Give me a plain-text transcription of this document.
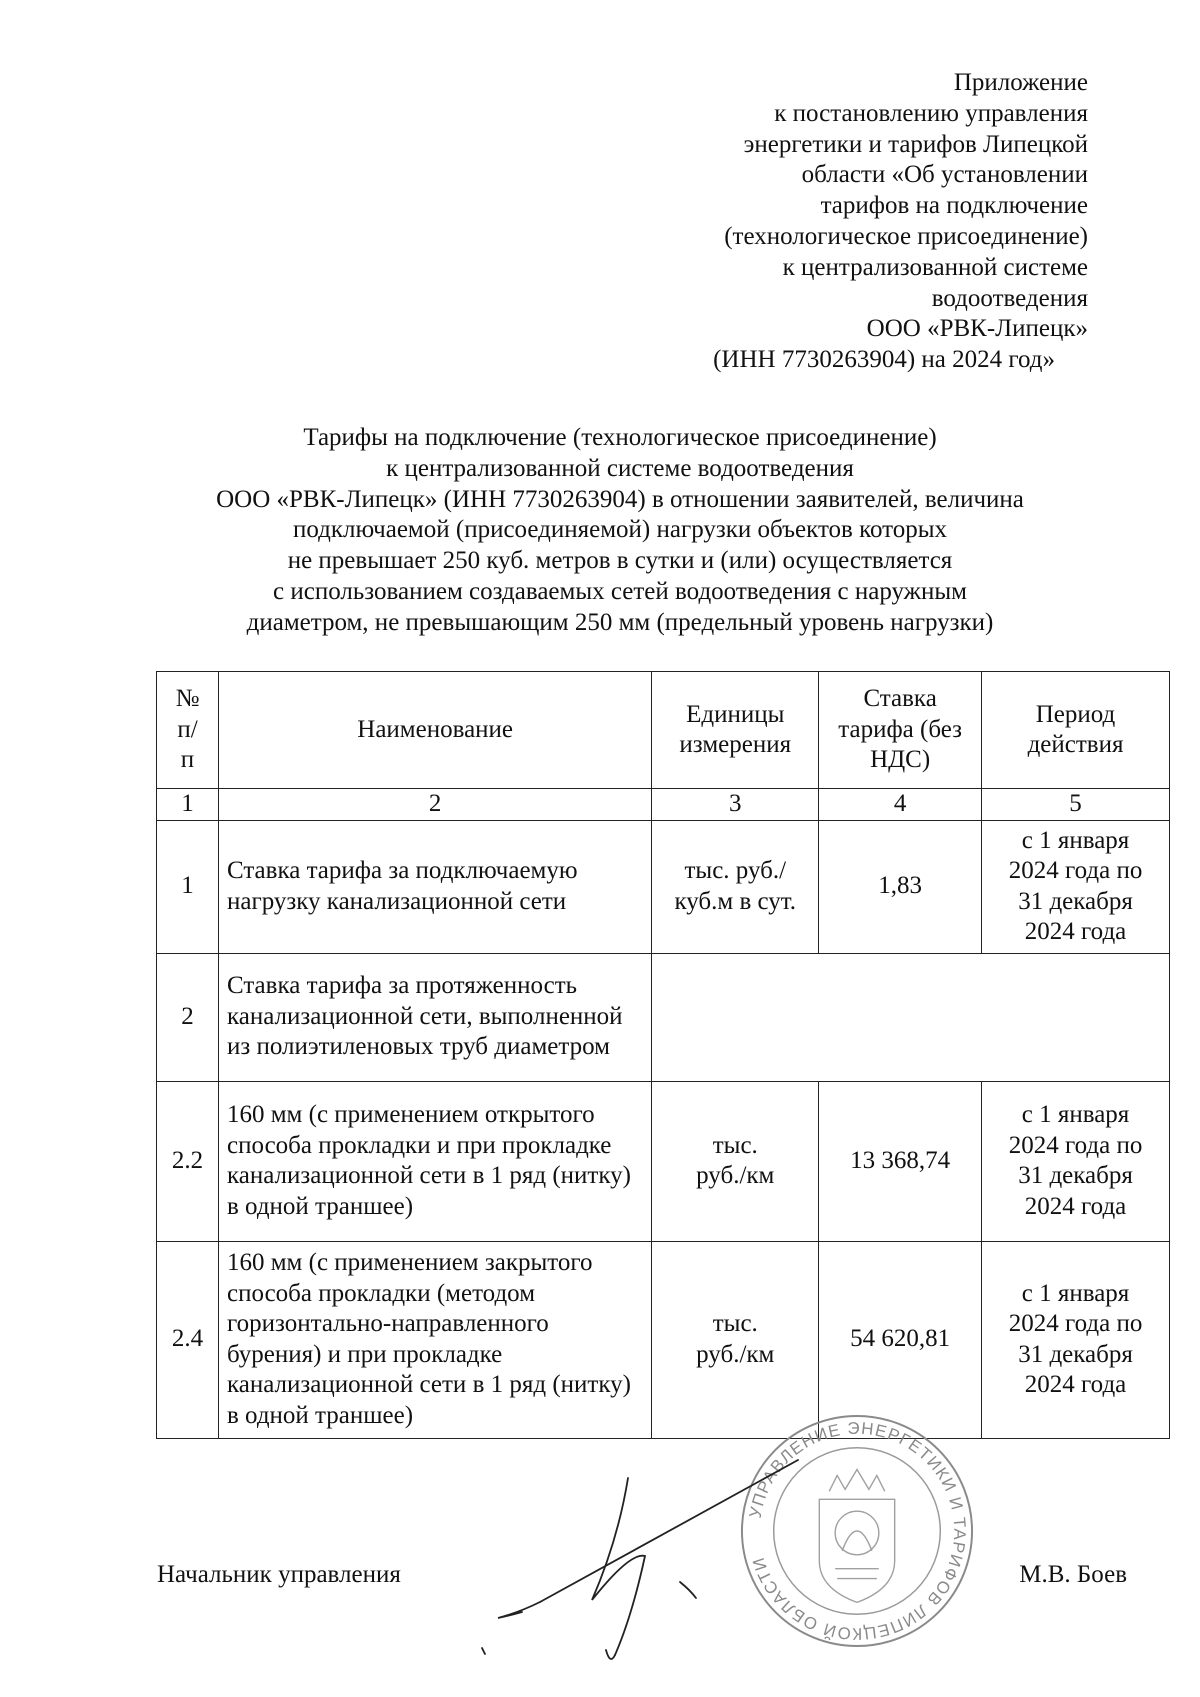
Приложение
к постановлению управления
энергетики и тарифов Липецкой
области «Об установлении
тарифов на подключение
(технологическое присоединение)
к централизованной системе
водоотведения
ООО «РВК-Липецк»
(ИНН 7730263904) на 2024 год»
Тарифы на подключение (технологическое присоединение)
к централизованной системе водоотведения
ООО «РВК-Липецк» (ИНН 7730263904) в отношении заявителей, величина
подключаемой (присоединяемой) нагрузки объектов которых
не превышает 250 куб. метров в сутки и (или) осуществляется
с использованием создаваемых сетей водоотведения с наружным
диаметром, не превышающим 250 мм (предельный уровень нагрузки)
№ п/п	Наименование	Единицы измерения	Ставка тарифа (без НДС)	Период действия
1	2	3	4	5
1	Ставка тарифа за подключаемую нагрузку канализационной сети	тыс. руб./ куб.м в сут.	1,83	с 1 января 2024 года по 31 декабря 2024 года
2	Ставка тарифа за протяженность канализационной сети, выполненной из полиэтиленовых труб диаметром			
2.2	160 мм (с применением открытого способа прокладки и при прокладке канализационной сети в 1 ряд (нитку) в одной траншее)	тыс. руб./км	13 368,74	с 1 января 2024 года по 31 декабря 2024 года
2.4	160 мм (с применением закрытого способа прокладки (методом горизонтально-направленного бурения) и при прокладке канализационной сети в 1 ряд (нитку) в одной траншее)	тыс. руб./км	54 620,81	с 1 января 2024 года по 31 декабря 2024 года
УПРАВЛЕНИЕ ЭНЕРГЕТИКИ И ТАРИФОВ ЛИПЕЦКОЙ ОБЛАСТИ
Начальник управления	М.В. Боев
